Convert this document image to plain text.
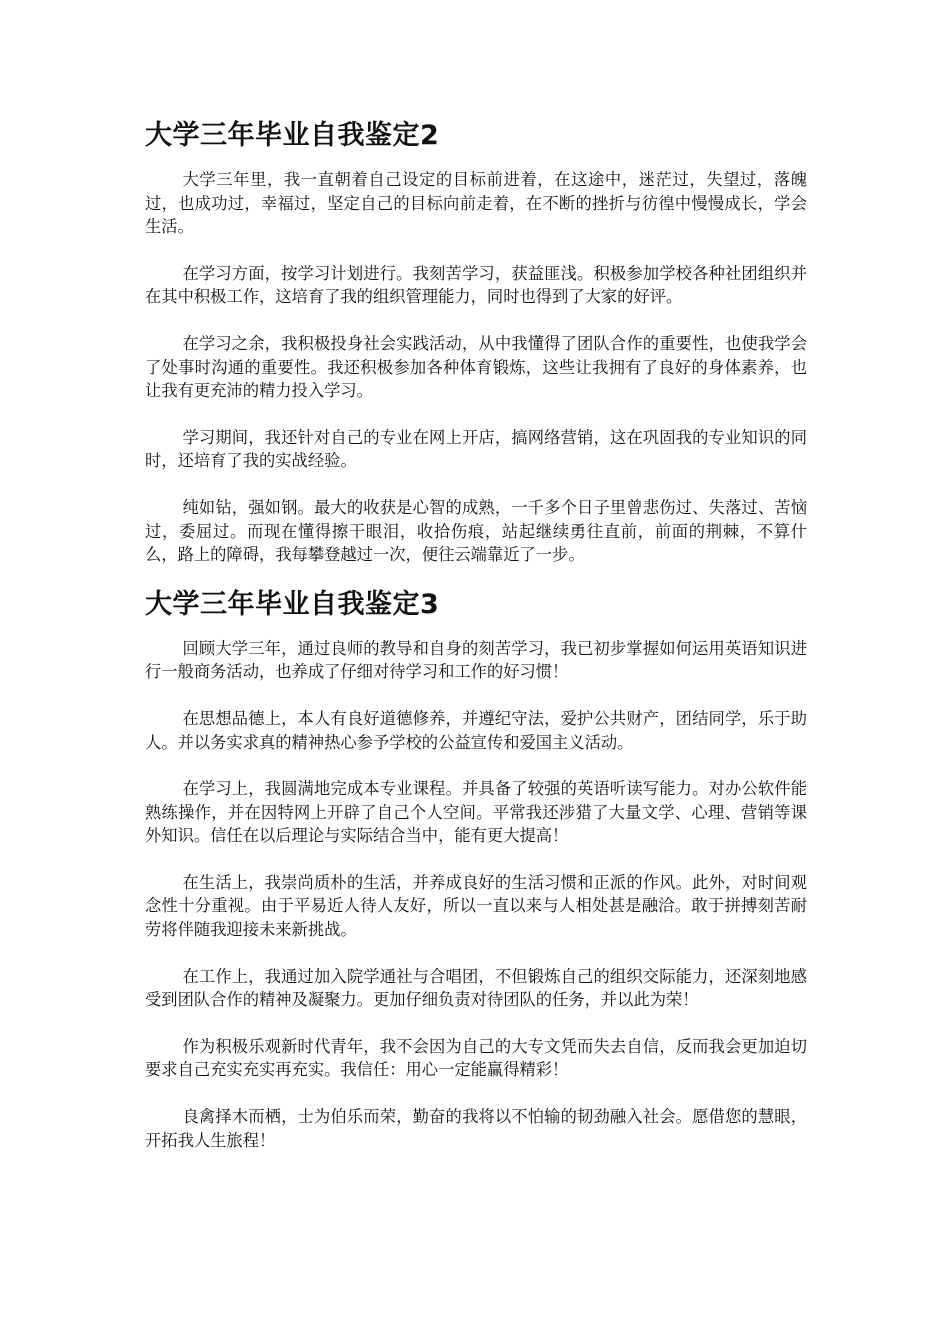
大学三年毕业自我鉴定2

大学三年里，我一直朝着自己设定的目标前进着，在这途中，迷茫过，失望过，落魄过，也成功过，幸福过，坚定自己的目标向前走着，在不断的挫折与彷徨中慢慢成长，学会生活。

在学习方面，按学习计划进行。我刻苦学习，获益匪浅。积极参加学校各种社团组织并在其中积极工作，这培育了我的组织管理能力，同时也得到了大家的好评。

在学习之余，我积极投身社会实践活动，从中我懂得了团队合作的重要性，也使我学会了处事时沟通的重要性。我还积极参加各种体育锻炼，这些让我拥有了良好的身体素养，也让我有更充沛的精力投入学习。

学习期间，我还针对自己的专业在网上开店，搞网络营销，这在巩固我的专业知识的同时，还培育了我的实战经验。

纯如钻，强如钢。最大的收获是心智的成熟，一千多个日子里曾悲伤过、失落过、苦恼过，委屈过。而现在懂得擦干眼泪，收拾伤痕，站起继续勇往直前，前面的荆棘，不算什么，路上的障碍，我每攀登越过一次，便往云端靠近了一步。

大学三年毕业自我鉴定3

回顾大学三年，通过良师的教导和自身的刻苦学习，我已初步掌握如何运用英语知识进行一般商务活动，也养成了仔细对待学习和工作的好习惯！

在思想品德上，本人有良好道德修养，并遵纪守法，爱护公共财产，团结同学，乐于助人。并以务实求真的精神热心参予学校的公益宣传和爱国主义活动。

在学习上，我圆满地完成本专业课程。并具备了较强的英语听读写能力。对办公软件能熟练操作，并在因特网上开辟了自己个人空间。平常我还涉猎了大量文学、心理、营销等课外知识。信任在以后理论与实际结合当中，能有更大提高！

在生活上，我崇尚质朴的生活，并养成良好的生活习惯和正派的作风。此外，对时间观念性十分重视。由于平易近人待人友好，所以一直以来与人相处甚是融洽。敢于拼搏刻苦耐劳将伴随我迎接未来新挑战。

在工作上，我通过加入院学通社与合唱团，不但锻炼自己的组织交际能力，还深刻地感受到团队合作的精神及凝聚力。更加仔细负责对待团队的任务，并以此为荣！

作为积极乐观新时代青年，我不会因为自己的大专文凭而失去自信，反而我会更加迫切要求自己充实充实再充实。我信任：用心一定能赢得精彩！

良禽择木而栖，士为伯乐而荣，勤奋的我将以不怕输的韧劲融入社会。愿借您的慧眼，开拓我人生旅程！
